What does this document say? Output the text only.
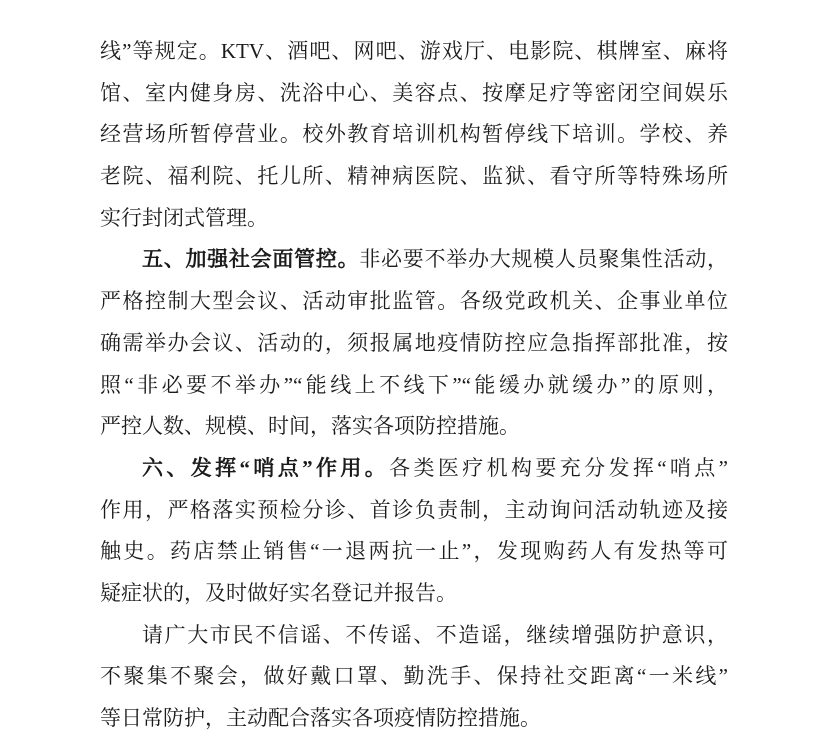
线”等规定。KTV、酒吧、网吧、游戏厅、电影院、棋牌室、麻将
馆、室内健身房、洗浴中心、美容点、按摩足疗等密闭空间娱乐
经营场所暂停营业。校外教育培训机构暂停线下培训。学校、养
老院、福利院、托儿所、精神病医院、监狱、看守所等特殊场所
实行封闭式管理。
五、加强社会面管控。非必要不举办大规模人员聚集性活动，
严格控制大型会议、活动审批监管。各级党政机关、企事业单位
确需举办会议、活动的，须报属地疫情防控应急指挥部批准，按
照“非必要不举办”“能线上不线下”“能缓办就缓办”的原则，
严控人数、规模、时间，落实各项防控措施。
六、发挥“哨点”作用。各类医疗机构要充分发挥“哨点”
作用，严格落实预检分诊、首诊负责制，主动询问活动轨迹及接
触史。药店禁止销售“一退两抗一止”，发现购药人有发热等可
疑症状的，及时做好实名登记并报告。
请广大市民不信谣、不传谣、不造谣，继续增强防护意识，
不聚集不聚会，做好戴口罩、勤洗手、保持社交距离“一米线”
等日常防护，主动配合落实各项疫情防控措施。
